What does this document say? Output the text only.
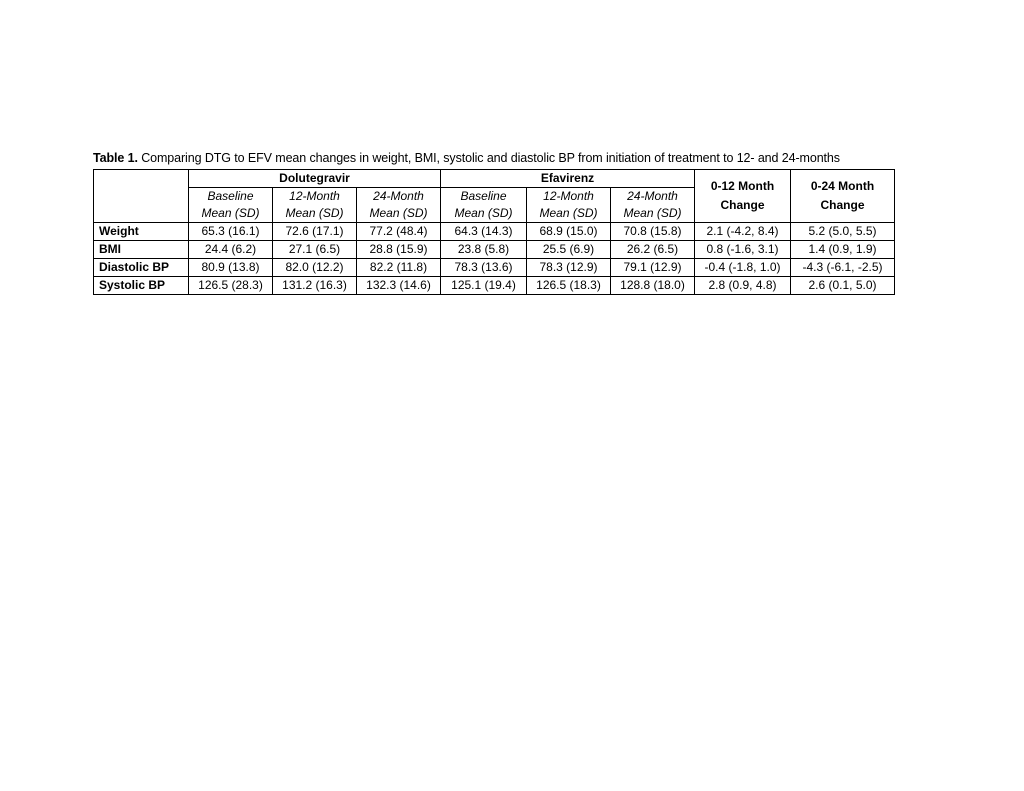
Table 1. Comparing DTG to EFV mean changes in weight, BMI, systolic and diastolic BP from initiation of treatment to 12- and 24-months
	Dolutegravir			Efavirenz			0-12 Month Change	0-24 Month Change
	Baseline	12-Month	24-Month	Baseline	12-Month	24-Month		
	Mean (SD)	Mean (SD)	Mean (SD)	Mean (SD)	Mean (SD)	Mean (SD)		
Weight	65.3 (16.1)	72.6 (17.1)	77.2 (48.4)	64.3 (14.3)	68.9 (15.0)	70.8 (15.8)	2.1 (-4.2, 8.4)	5.2 (5.0, 5.5)
BMI	24.4 (6.2)	27.1 (6.5)	28.8 (15.9)	23.8 (5.8)	25.5 (6.9)	26.2 (6.5)	0.8 (-1.6, 3.1)	1.4 (0.9, 1.9)
Diastolic BP	80.9 (13.8)	82.0 (12.2)	82.2 (11.8)	78.3 (13.6)	78.3 (12.9)	79.1 (12.9)	-0.4 (-1.8, 1.0)	-4.3 (-6.1, -2.5)
Systolic BP	126.5 (28.3)	131.2 (16.3)	132.3 (14.6)	125.1 (19.4)	126.5 (18.3)	128.8 (18.0)	2.8 (0.9, 4.8)	2.6 (0.1, 5.0)
